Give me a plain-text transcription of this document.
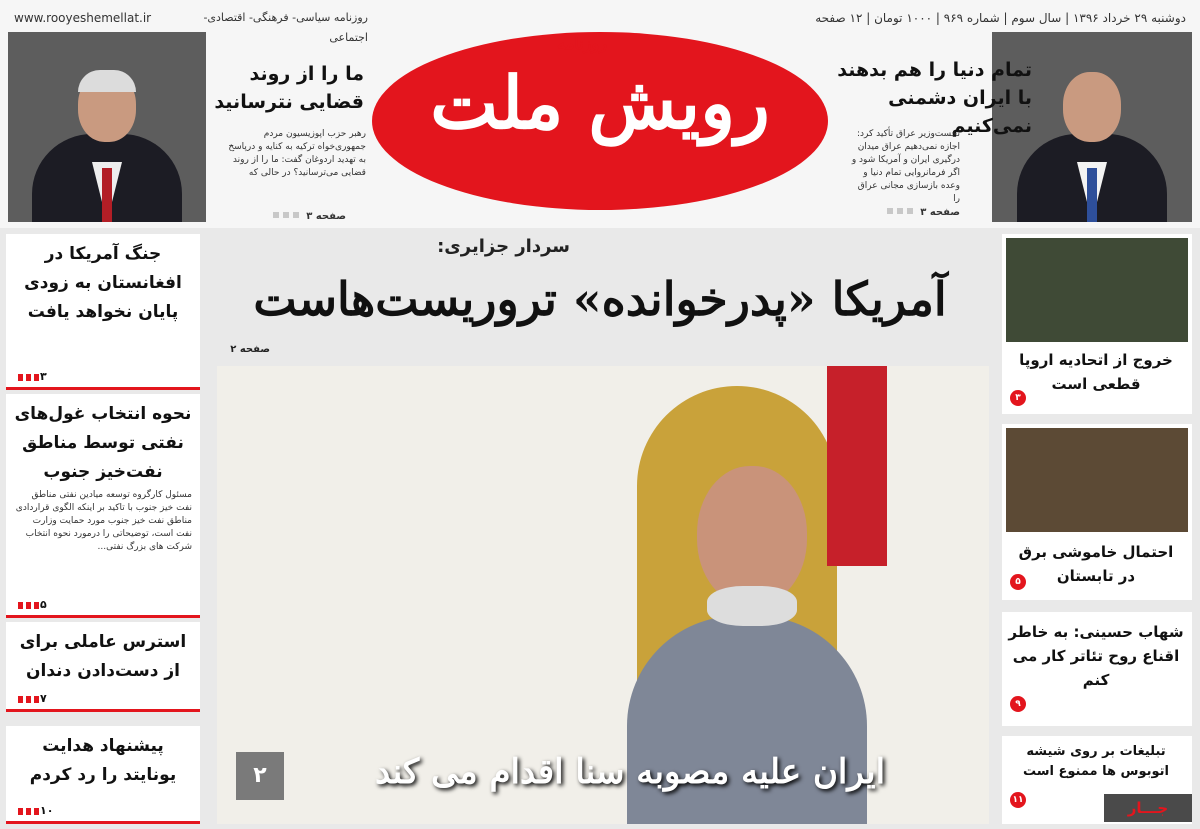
دوشنبه ۲۹ خرداد ۱۳۹۶ | سال سوم | شماره ۹۶۹ | ۱۰۰۰ تومان | ۱۲ صفحه
www.rooyeshemellat.ir	روزنامه سیاسی- فرهنگی- اقتصادی- اجتماعی
رویش ملت
روزنامه
تمام دنیا را هم بدهند با ایران دشمنی نمی‌کنیم
نخست‌وزیر عراق تأکید کرد: اجازه نمی‌دهیم عراق میدان درگیری ایران و آمریکا شود و اگر فرمانروایی تمام دنیا و وعده بازسازی مجانی عراق را
صفحه ۳
ما را از روند قضایی نترسانید
رهبر حزب اپوزیسیون مردم جمهوری‌خواه ترکیه به کنایه و درپاسخ به تهدید اردوغان گفت: ما را از روند قضایی می‌ترسانید؟ در حالی که
صفحه ۳
جنگ آمریکا در افغانستان به زودی پایان نخواهد یافت
۳
نحوه انتخاب غول‌های نفتی توسط مناطق نفت‌خیز جنوب
مسئول کارگروه توسعه میادین نفتی مناطق نفت خیز جنوب با تاکید بر اینکه الگوی قراردادی مناطق نفت خیز جنوب مورد حمایت وزارت نفت است، توضیحاتی را درمورد نحوه انتخاب شرکت های بزرگ نفتی...
۵
استرس عاملی برای از دست‌دادن دندان
۷
پیشنهاد هدایت یونایتد را رد کردم
۱۰
سردار جزایری:
آمریکا «پدرخوانده» تروریست‌هاست
صفحه ۲
ایران علیه مصوبه سنا اقدام می کند
۲
خروج از اتحادیه اروپا قطعی است
۳
احتمال خاموشی برق در تابستان
۵
شهاب حسینی: به خاطر اقناع روح تئاتر کار می کنم
۹
تبلیغات بر روی شیشه اتوبوس ها ممنوع است
۱۱	جـــار
